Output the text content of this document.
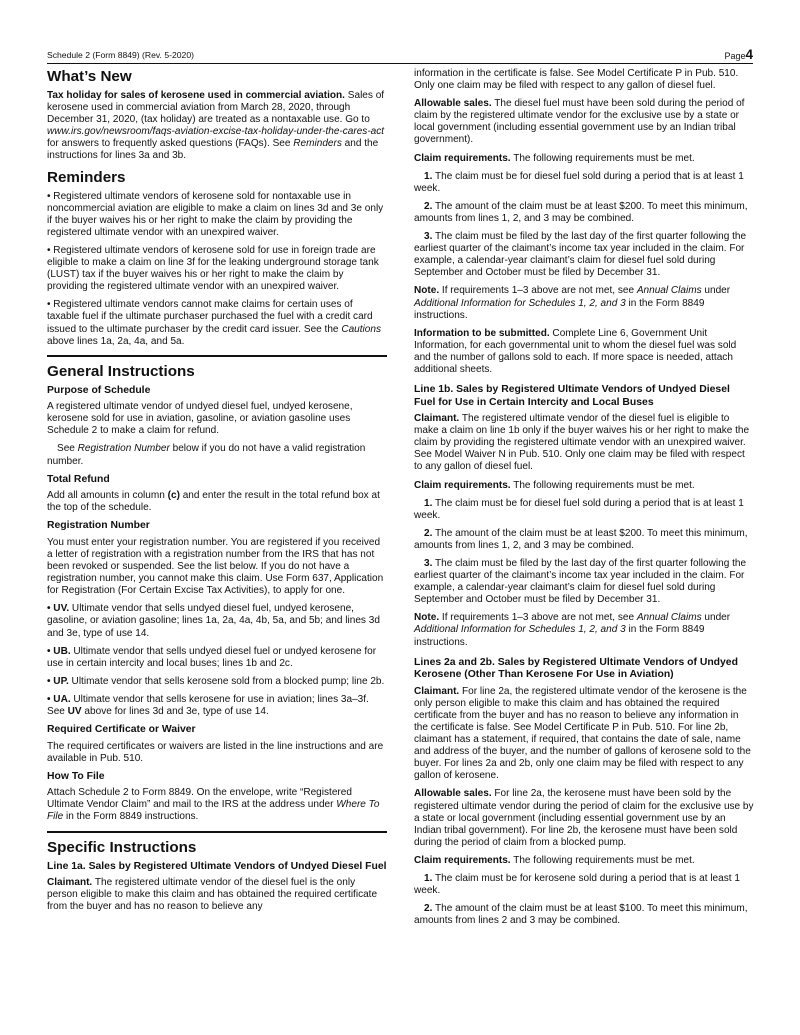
Schedule 2 (Form 8849) (Rev. 5-2020)	Page4
What’s New

Tax holiday for sales of kerosene used in commercial aviation. Sales of kerosene used in commercial aviation from March 28, 2020, through December 31, 2020, (tax holiday) are treated as a nontaxable use. Go to www.irs.gov/newsroom/faqs-aviation-excise-tax-holiday-under-the-cares-act for answers to frequently asked questions (FAQs). See Reminders and the instructions for lines 3a and 3b.

Reminders

• Registered ultimate vendors of kerosene sold for nontaxable use in noncommercial aviation are eligible to make a claim on lines 3d and 3e only if the buyer waives his or her right to make the claim by providing the registered ultimate vendor with an unexpired waiver.

• Registered ultimate vendors of kerosene sold for use in foreign trade are eligible to make a claim on line 3f for the leaking underground storage tank (LUST) tax if the buyer waives his or her right to make the claim by providing the registered ultimate vendor with an unexpired waiver.

• Registered ultimate vendors cannot make claims for certain uses of taxable fuel if the ultimate purchaser purchased the fuel with a credit card issued to the ultimate purchaser by the credit card issuer. See the Cautions above lines 1a, 2a, 4a, and 5a.

General Instructions
Purpose of Schedule

A registered ultimate vendor of undyed diesel fuel, undyed kerosene, kerosene sold for use in aviation, gasoline, or aviation gasoline uses Schedule 2 to make a claim for refund.

See Registration Number below if you do not have a valid registration number.

Total Refund

Add all amounts in column (c) and enter the result in the total refund box at the top of the schedule.

Registration Number

You must enter your registration number. You are registered if you received a letter of registration with a registration number from the IRS that has not been revoked or suspended. See the list below. If you do not have a registration number, you cannot make this claim. Use Form 637, Application for Registration (For Certain Excise Tax Activities), to apply for one.

• UV. Ultimate vendor that sells undyed diesel fuel, undyed kerosene, gasoline, or aviation gasoline; lines 1a, 2a, 4a, 4b, 5a, and 5b; and lines 3d and 3e, type of use 14.

• UB. Ultimate vendor that sells undyed diesel fuel or undyed kerosene for use in certain intercity and local buses; lines 1b and 2c.

• UP. Ultimate vendor that sells kerosene sold from a blocked pump; line 2b.

• UA. Ultimate vendor that sells kerosene for use in aviation; lines 3a–3f. See UV above for lines 3d and 3e, type of use 14.

Required Certificate or Waiver

The required certificates or waivers are listed in the line instructions and are available in Pub. 510.

How To File

Attach Schedule 2 to Form 8849. On the envelope, write “Registered Ultimate Vendor Claim” and mail to the IRS at the address under Where To File in the Form 8849 instructions.

Specific Instructions
Line 1a. Sales by Registered Ultimate Vendors of Undyed Diesel Fuel

Claimant. The registered ultimate vendor of the diesel fuel is the only person eligible to make this claim and has obtained the required certificate from the buyer and has no reason to believe any

information in the certificate is false. See Model Certificate P in Pub. 510. Only one claim may be filed with respect to any gallon of diesel fuel.

Allowable sales. The diesel fuel must have been sold during the period of claim by the registered ultimate vendor for the exclusive use by a state or local government (including essential government use by an Indian tribal government).

Claim requirements. The following requirements must be met.

1. The claim must be for diesel fuel sold during a period that is at least 1 week.

2. The amount of the claim must be at least $200. To meet this minimum, amounts from lines 1, 2, and 3 may be combined.

3. The claim must be filed by the last day of the first quarter following the earliest quarter of the claimant’s income tax year included in the claim. For example, a calendar-year claimant’s claim for diesel fuel sold during September and October must be filed by December 31.

Note. If requirements 1–3 above are not met, see Annual Claims under Additional Information for Schedules 1, 2, and 3 in the Form 8849 instructions.

Information to be submitted. Complete Line 6, Government Unit Information, for each governmental unit to whom the diesel fuel was sold and the number of gallons sold to each. If more space is needed, attach additional sheets.

Line 1b. Sales by Registered Ultimate Vendors of Undyed Diesel Fuel for Use in Certain Intercity and Local Buses

Claimant. The registered ultimate vendor of the diesel fuel is eligible to make a claim on line 1b only if the buyer waives his or her right to make the claim by providing the registered ultimate vendor with an unexpired waiver. See Model Waiver N in Pub. 510. Only one claim may be filed with respect to any gallon of diesel fuel.

Claim requirements. The following requirements must be met.

1. The claim must be for diesel fuel sold during a period that is at least 1 week.

2. The amount of the claim must be at least $200. To meet this minimum, amounts from lines 1, 2, and 3 may be combined.

3. The claim must be filed by the last day of the first quarter following the earliest quarter of the claimant’s income tax year included in the claim. For example, a calendar-year claimant’s claim for diesel fuel sold during September and October must be filed by December 31.

Note. If requirements 1–3 above are not met, see Annual Claims under Additional Information for Schedules 1, 2, and 3 in the Form 8849 instructions.

Lines 2a and 2b. Sales by Registered Ultimate Vendors of Undyed Kerosene (Other Than Kerosene For Use in Aviation)

Claimant. For line 2a, the registered ultimate vendor of the kerosene is the only person eligible to make this claim and has obtained the required certificate from the buyer and has no reason to believe any information in the certificate is false. See Model Certificate P in Pub. 510. For line 2b, claimant has a statement, if required, that contains the date of sale, name and address of the buyer, and the number of gallons of kerosene sold to the buyer. For lines 2a and 2b, only one claim may be filed with respect to any gallon of kerosene.

Allowable sales. For line 2a, the kerosene must have been sold by the registered ultimate vendor during the period of claim for the exclusive use by a state or local government (including essential government use by an Indian tribal government). For line 2b, the kerosene must have been sold during the period of claim from a blocked pump.

Claim requirements. The following requirements must be met.

1. The claim must be for kerosene sold during a period that is at least 1 week.

2. The amount of the claim must be at least $100. To meet this minimum, amounts from lines 2 and 3 may be combined.
